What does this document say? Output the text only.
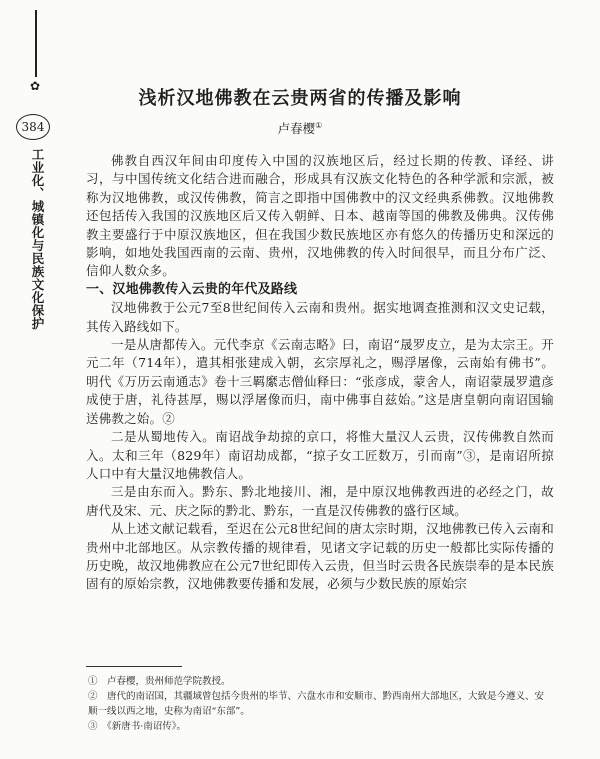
✿
384
工业化、城镇化与民族文化保护
浅析汉地佛教在云贵两省的传播及影响
卢春樱①

佛教自西汉年间由印度传入中国的汉族地区后，经过长期的传教、译经、讲习，与中国传统文化结合进而融合，形成具有汉族文化特色的各种学派和宗派，被称为汉地佛教，或汉传佛教，简言之即指中国佛教中的汉文经典系佛教。汉地佛教还包括传入我国的汉族地区后又传入朝鲜、日本、越南等国的佛教及佛典。汉传佛教主要盛行于中原汉族地区，但在我国少数民族地区亦有悠久的传播历史和深远的影响，如地处我国西南的云南、贵州，汉地佛教的传入时间很早，而且分布广泛、信仰人数众多。

一、汉地佛教传入云贵的年代及路线

汉地佛教于公元7至8世纪间传入云南和贵州。据实地调查推测和汉文史记载，其传入路线如下。

一是从唐都传入。元代李京《云南志略》曰，南诏“晟罗皮立，是为太宗王。开元二年（714年），遣其相张建成入朝，玄宗厚礼之，赐浮屠像，云南始有佛书”。明代《万历云南通志》卷十三羁縻志僧仙释曰：“张彦成，蒙舍人，南诏蒙晟罗遣彦成使于唐，礼待甚厚，赐以浮屠像而归，南中佛事自兹始。”这是唐皇朝向南诏国输送佛教之始。②

二是从蜀地传入。南诏战争劫掠的京口，将惟大量汉人云贵，汉传佛教自然而入。太和三年（829年）南诏劫成都，“掠子女工匠数万，引而南”③，是南诏所掠人口中有大量汉地佛教信人。

三是由东而入。黔东、黔北地接川、湘，是中原汉地佛教西进的必经之门，故唐代及宋、元、庆之际的黔北、黔东，一直是汉传佛教的盛行区域。

从上述文献记载看，至迟在公元8世纪间的唐太宗时期，汉地佛教已传入云南和贵州中北部地区。从宗教传播的规律看，见诸文字记载的历史一般都比实际传播的历史晚，故汉地佛教应在公元7世纪即传入云贵，但当时云贵各民族崇奉的是本民族固有的原始宗教，汉地佛教要传播和发展，必须与少数民族的原始宗

①　卢春樱，贵州师范学院教授。
②　唐代的南诏国，其疆域曾包括今贵州的毕节、六盘水市和安顺市、黔西南州大部地区，大致是今遵义、安顺一线以西之地，史称为南诏“东部”。
③　《新唐书·南诏传》。
